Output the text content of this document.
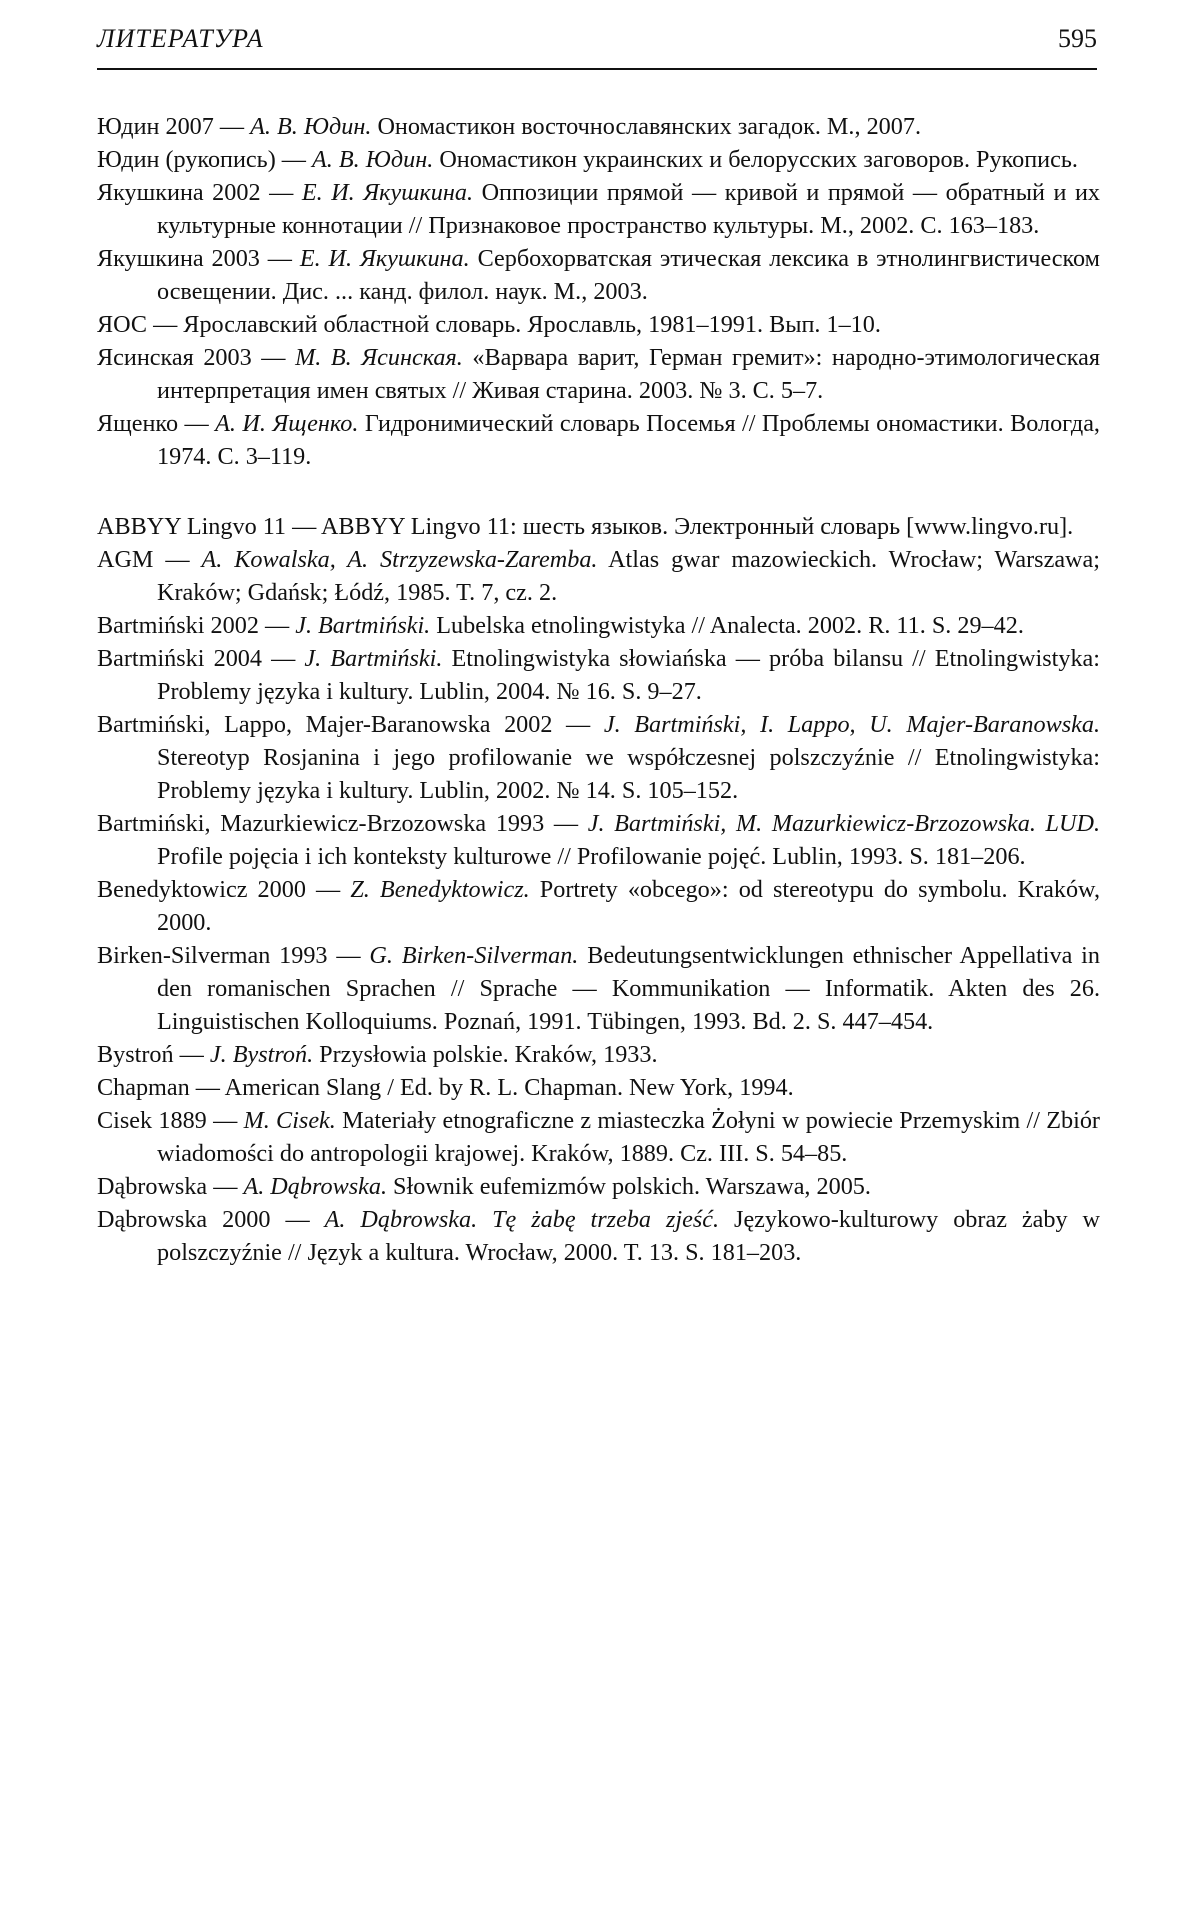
ЛИТЕРАТУРА	595

Юдин 2007 — А. В. Юдин. Ономастикон восточнославянских загадок. М., 2007.

Юдин (рукопись) — А. В. Юдин. Ономастикон украинских и белорусских заговоров. Рукопись.

Якушкина 2002 — Е. И. Якушкина. Оппозиции прямой — кривой и прямой — обратный и их культурные коннотации // Признаковое пространство культуры. М., 2002. С. 163–183.

Якушкина 2003 — Е. И. Якушкина. Сербохорватская этическая лексика в этнолингвистическом освещении. Дис. ... канд. филол. наук. М., 2003.

ЯОС — Ярославский областной словарь. Ярославль, 1981–1991. Вып. 1–10.

Ясинская 2003 — М. В. Ясинская. «Варвара варит, Герман гремит»: народно-этимологическая интерпретация имен святых // Живая старина. 2003. № 3. С. 5–7.

Ященко — А. И. Ященко. Гидронимический словарь Посемья // Проблемы ономастики. Вологда, 1974. С. 3–119.

ABBYY Lingvo 11 — ABBYY Lingvo 11: шесть языков. Электронный словарь [www.lingvo.ru].

AGM — A. Kowalska, A. Strzyzewska-Zaremba. Atlas gwar mazowieckich. Wrocław; Warszawa; Kraków; Gdańsk; Łódź, 1985. T. 7, cz. 2.

Bartmiński 2002 — J. Bartmiński. Lubelska etnolingwistyka // Analecta. 2002. R. 11. S. 29–42.

Bartmiński 2004 — J. Bartmiński. Etnolingwistyka słowiańska — próba bilansu // Etnolingwistyka: Problemy języka i kultury. Lublin, 2004. № 16. S. 9–27.

Bartmiński, Lappo, Majer-Baranowska 2002 — J. Bartmiński, I. Lappo, U. Majer-Baranowska. Stereotyp Rosjanina i jego profilowanie we współczesnej polszczyźnie // Etnolingwistyka: Problemy języka i kultury. Lublin, 2002. № 14. S. 105–152.

Bartmiński, Mazurkiewicz-Brzozowska 1993 — J. Bartmiński, M. Mazurkiewicz-Brzozowska. LUD. Profile pojęcia i ich konteksty kulturowe // Profilowanie pojęć. Lublin, 1993. S. 181–206.

Benedyktowicz 2000 — Z. Benedyktowicz. Portrety «obcego»: od stereotypu do symbolu. Kraków, 2000.

Birken-Silverman 1993 — G. Birken-Silverman. Bedeutungsentwicklungen ethnischer Appellativa in den romanischen Sprachen // Sprache — Kommunikation — Informatik. Akten des 26. Linguistischen Kolloquiums. Poznań, 1991. Tübingen, 1993. Bd. 2. S. 447–454.

Bystroń — J. Bystroń. Przysłowia polskie. Kraków, 1933.

Chapman — American Slang / Ed. by R. L. Chapman. New York, 1994.

Cisek 1889 — M. Cisek. Materiały etnograficzne z miasteczka Żołyni w powiecie Przemyskim // Zbiór wiadomości do antropologii krajowej. Kraków, 1889. Cz. III. S. 54–85.

Dąbrowska — A. Dąbrowska. Słownik eufemizmów polskich. Warszawa, 2005.

Dąbrowska 2000 — A. Dąbrowska. Tę żabę trzeba zjeść. Językowo-kulturowy obraz żaby w polszczyźnie // Język a kultura. Wrocław, 2000. T. 13. S. 181–203.
